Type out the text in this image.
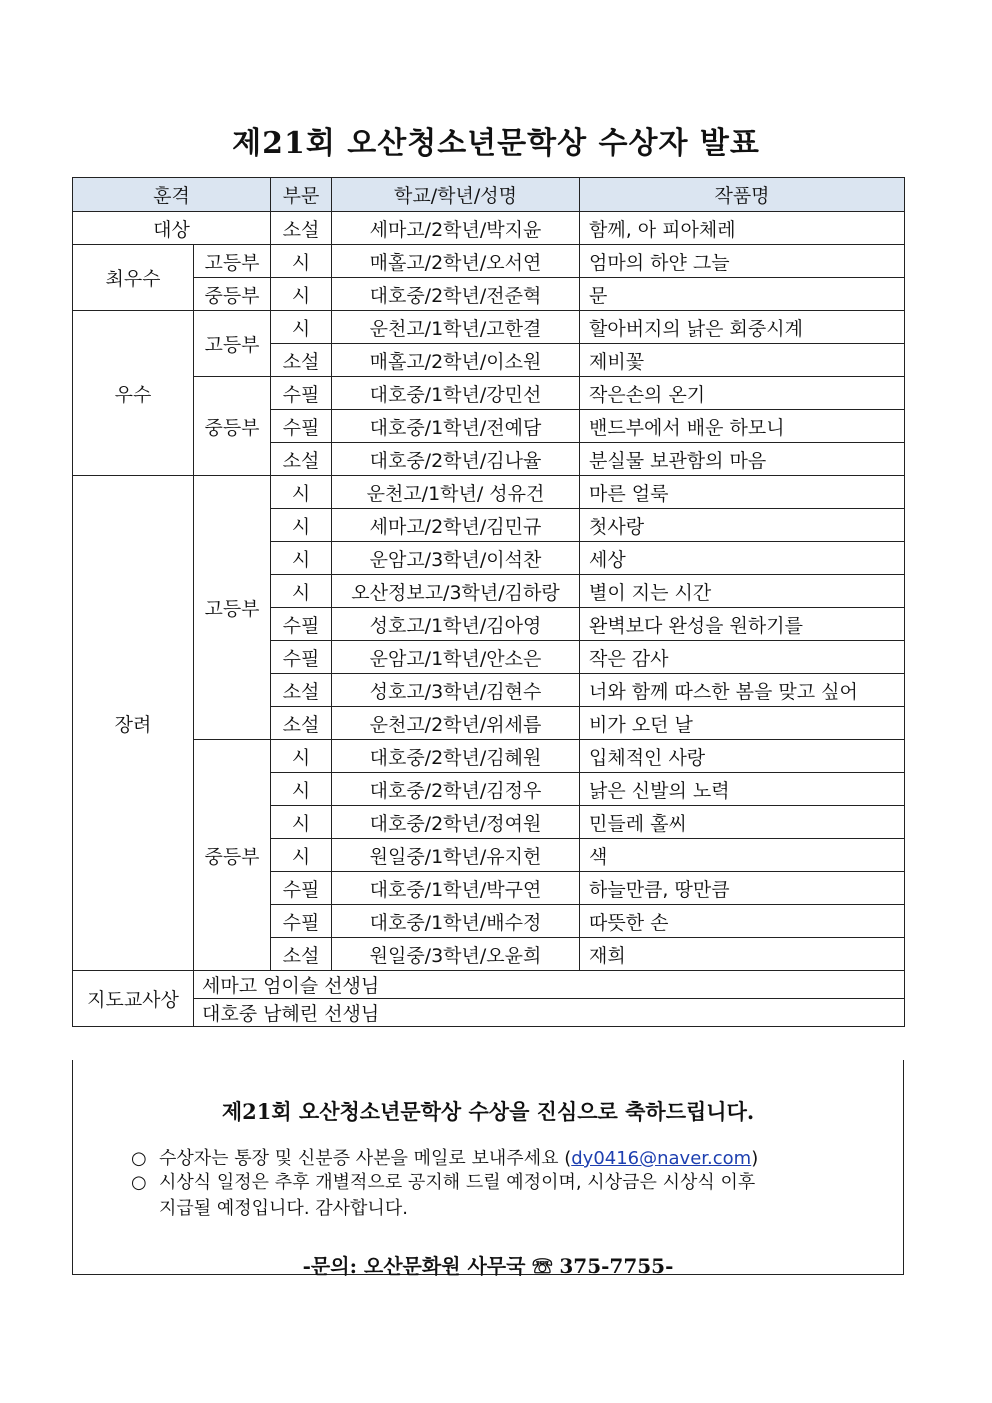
제21회 오산청소년문학상 수상자 발표
훈격		부문	학교/학년/성명	작품명
대상		소설	세마고/2학년/박지윤	함께, 아 피아체레
최우수	고등부	시	매홀고/2학년/오서연	엄마의 하얀 그늘
	중등부	시	대호중/2학년/전준혁	문
우수	고등부	시	운천고/1학년/고한결	할아버지의 낡은 회중시계
		소설	매홀고/2학년/이소원	제비꽃
	중등부	수필	대호중/1학년/강민선	작은손의 온기
		수필	대호중/1학년/전예담	밴드부에서 배운 하모니
		소설	대호중/2학년/김나율	분실물 보관함의 마음
장려	고등부	시	운천고/1학년/ 성유건	마른 얼룩
		시	세마고/2학년/김민규	첫사랑
		시	운암고/3학년/이석찬	세상
		시	오산정보고/3학년/김하랑	별이 지는 시간
		수필	성호고/1학년/김아영	완벽보다 완성을 원하기를
		수필	운암고/1학년/안소은	작은 감사
		소설	성호고/3학년/김현수	너와 함께 따스한 봄을 맞고 싶어
		소설	운천고/2학년/위세름	비가 오던 날
	중등부	시	대호중/2학년/김혜원	입체적인 사랑
		시	대호중/2학년/김정우	낡은 신발의 노력
		시	대호중/2학년/정여원	민들레 홀씨
		시	원일중/1학년/유지헌	색
		수필	대호중/1학년/박구연	하늘만큼, 땅만큼
		수필	대호중/1학년/배수정	따뜻한 손
		소설	원일중/3학년/오윤희	재희
지도교사상	세마고 엄이슬 선생님			
	대호중 남혜린 선생님			
제21회 오산청소년문학상 수상을 진심으로 축하드립니다.
○ 수상자는 통장 및 신분증 사본을 메일로 보내주세요 (dy0416@naver.com)
○ 시상식 일정은 추후 개별적으로 공지해 드릴 예정이며, 시상금은 시상식 이후
지급될 예정입니다. 감사합니다.
-문의: 오산문화원 사무국 ☏ 375-7755-
